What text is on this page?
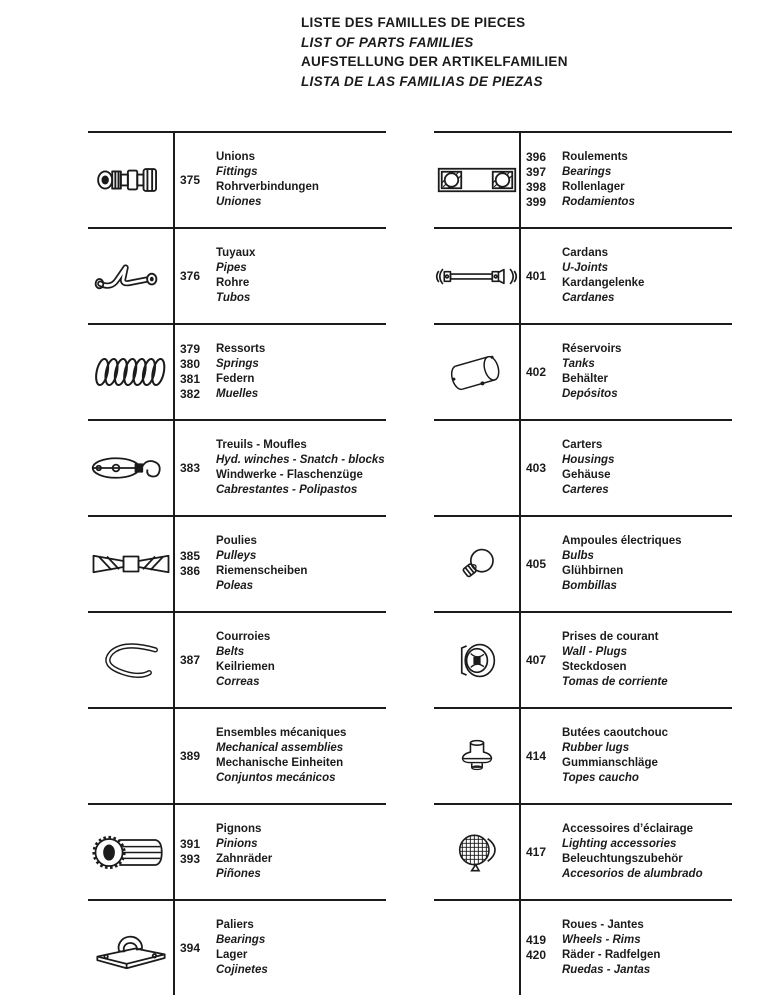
LISTE DES FAMILLES DE PIECES
LIST OF PARTS FAMILIES
AUFSTELLUNG DER ARTIKELFAMILIEN
LISTA DE LAS FAMILIAS DE PIEZAS
375
Unions
Fittings
Rohrverbindungen
Uniones
376
Tuyaux
Pipes
Rohre
Tubos
379
380
381
382
Ressorts
Springs
Federn
Muelles
383
Treuils - Moufles
Hyd. winches - Snatch - blocks
Windwerke - Flaschenzüge
Cabrestantes - Polipastos
385
386
Poulies
Pulleys
Riemenscheiben
Poleas
387
Courroies
Belts
Keilriemen
Correas
389
Ensembles mécaniques
Mechanical assemblies
Mechanische Einheiten
Conjuntos mecánicos
391
393
Pignons
Pinions
Zahnräder
Piñones
394
Paliers
Bearings
Lager
Cojinetes
396
397
398
399
Roulements
Bearings
Rollenlager
Rodamientos
401
Cardans
U-Joints
Kardangelenke
Cardanes
402
Réservoirs
Tanks
Behälter
Depósitos
403
Carters
Housings
Gehäuse
Carteres
405
Ampoules électriques
Bulbs
Glühbirnen
Bombillas
407
Prises de courant
Wall - Plugs
Steckdosen
Tomas de corriente
414
Butées caoutchouc
Rubber lugs
Gummianschläge
Topes caucho
417
Accessoires d’éclairage
Lighting accessories
Beleuchtungszubehör
Accesorios de alumbrado
419
420
Roues - Jantes
Wheels - Rims
Räder - Radfelgen
Ruedas - Jantas
